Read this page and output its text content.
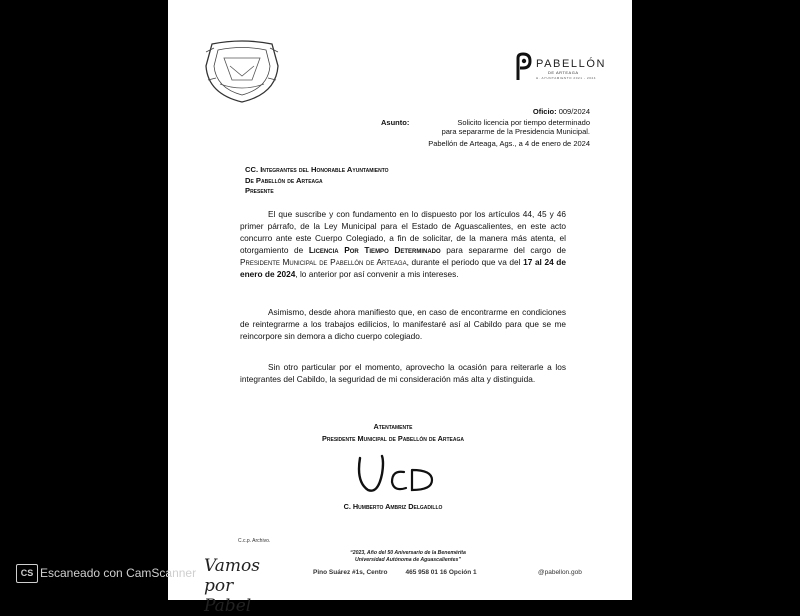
PABELLÓN
DE ARTEAGA
H. AYUNTAMIENTO 2021 - 2024
Oficio: 009/2024
Asunto:	Solicito licencia por tiempo determinado
para separarme de la Presidencia Municipal.
Pabellón de Arteaga, Ags., a 4 de enero de 2024
CC. Integrantes del Honorable Ayuntamiento
De Pabellón de Arteaga
Presente
El que suscribe y con fundamento en lo dispuesto por los artículos 44, 45 y 46 primer párrafo, de la Ley Municipal para el Estado de Aguascalientes, en este acto concurro ante este Cuerpo Colegiado, a fin de solicitar, de la manera más atenta, el otorgamiento de Licencia Por Tiempo Determinado para separarme del cargo de Presidente Municipal de Pabellón de Arteaga, durante el periodo que va del 17 al 24 de enero de 2024, lo anterior por así convenir a mis intereses.
Asimismo, desde ahora manifiesto que, en caso de encontrarme en condiciones de reintegrarme a los trabajos edilicios, lo manifestaré así al Cabildo para que se me reincorpore sin demora a dicho cuerpo colegiado.
Sin otro particular por el momento, aprovecho la ocasión para reiterarle a los integrantes del Cabildo, la seguridad de mi consideración más alta y distinguida.
Atentamente
Presidente Municipal de Pabellón de Arteaga
C. Humberto Ambriz Delgadillo
C.c.p. Archivo.
“2023, Año del 50 Aniversario de la Benemérita
Universidad Autónoma de Aguascalientes”
Pino Suárez #1s, Centro	465 958 01 16 Opción 1	@pabellon.gob
Vamos por Pabel
CS Escaneado con CamScanner
